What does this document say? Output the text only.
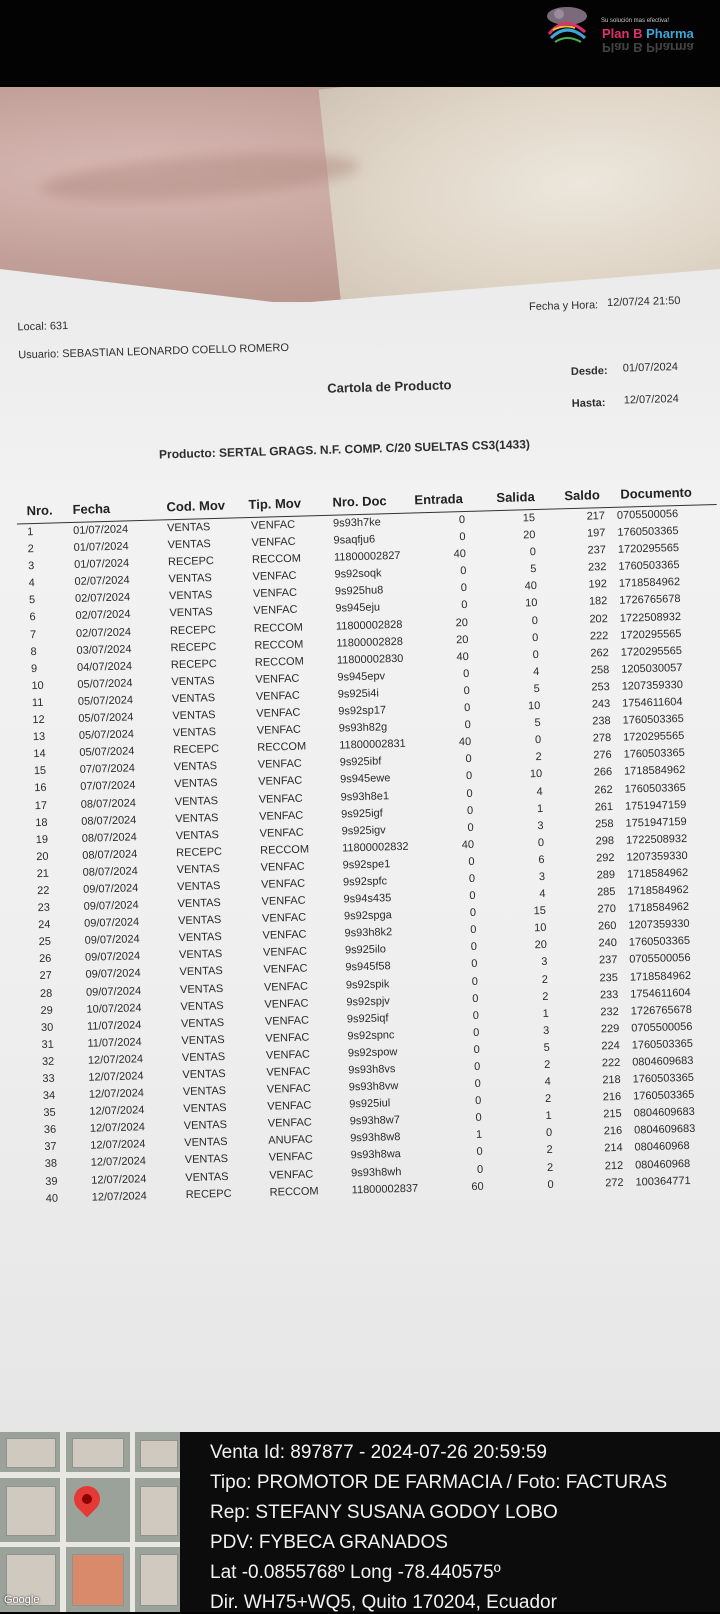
Su solución mas efectiva!
Plan B Pharma
Plan B Pharma
Local: 631
Fecha y Hora: 12/07/24 21:50
Usuario: SEBASTIAN LEONARDO COELLO ROMERO
Cartola de Producto
Desde: 01/07/2024
Hasta: 12/07/2024
Producto: SERTAL GRAGS. N.F. COMP. C/20 SUELTAS CS3(1433)
Nro. Fecha	Cod. Mov Tip. Mov Nro. Doc Entrada	Salida Saldo Documento
1	01/07/2024	VENTAS	VENFAC	9s93h7ke	0	15	217 0705500056
2	01/07/2024	VENTAS	VENFAC	9saqfju6	0	20	197 1760503365
3	01/07/2024	RECEPC	RECCOM	11800002827	40	0	237 1720295565
4	02/07/2024	VENTAS	VENFAC	9s92soqk	0	5	232 1760503365
5	02/07/2024	VENTAS	VENFAC	9s925hu8	0	40	192 1718584962
6	02/07/2024	VENTAS	VENFAC	9s945eju	0	10	182 1726765678
7	02/07/2024	RECEPC	RECCOM	11800002828	20	0	202 1722508932
8	03/07/2024	RECEPC	RECCOM	11800002828	20	0	222 1720295565
9	04/07/2024	RECEPC	RECCOM	11800002830	40	0	262 1720295565
10	05/07/2024	VENTAS	VENFAC	9s945epv	0	4	258 1205030057
11	05/07/2024	VENTAS	VENFAC	9s925i4i	0	5	253 1207359330
12	05/07/2024	VENTAS	VENFAC	9s92sp17	0	10	243 1754611604
13	05/07/2024	VENTAS	VENFAC	9s93h82g	0	5	238 1760503365
14	05/07/2024	RECEPC	RECCOM	11800002831	40	0	278 1720295565
15	07/07/2024	VENTAS	VENFAC	9s925ibf	0	2	276 1760503365
16	07/07/2024	VENTAS	VENFAC	9s945ewe	0	10	266 1718584962
17	08/07/2024	VENTAS	VENFAC	9s93h8e1	0	4	262 1760503365
18	08/07/2024	VENTAS	VENFAC	9s925igf	0	1	261 1751947159
19	08/07/2024	VENTAS	VENFAC	9s925igv	0	3	258 1751947159
20	08/07/2024	RECEPC	RECCOM	11800002832	40	0	298 1722508932
21	08/07/2024	VENTAS	VENFAC	9s92spe1	0	6	292 1207359330
22	09/07/2024	VENTAS	VENFAC	9s92spfc	0	3	289 1718584962
23	09/07/2024	VENTAS	VENFAC	9s94s435	0	4	285 1718584962
24	09/07/2024	VENTAS	VENFAC	9s92spga	0	15	270 1718584962
25	09/07/2024	VENTAS	VENFAC	9s93h8k2	0	10	260 1207359330
26	09/07/2024	VENTAS	VENFAC	9s925ilo	0	20	240 1760503365
27	09/07/2024	VENTAS	VENFAC	9s945f58	0	3	237 0705500056
28	09/07/2024	VENTAS	VENFAC	9s92spik	0	2	235 1718584962
29	10/07/2024	VENTAS	VENFAC	9s92spjv	0	2	233 1754611604
30	11/07/2024	VENTAS	VENFAC	9s925iqf	0	1	232 1726765678
31	11/07/2024	VENTAS	VENFAC	9s92spnc	0	3	229 0705500056
32	12/07/2024	VENTAS	VENFAC	9s92spow	0	5	224 1760503365
33	12/07/2024	VENTAS	VENFAC	9s93h8vs	0	2	222 0804609683
34	12/07/2024	VENTAS	VENFAC	9s93h8vw	0	4	218 1760503365
35	12/07/2024	VENTAS	VENFAC	9s925iul	0	2	216 1760503365
36	12/07/2024	VENTAS	VENFAC	9s93h8w7	0	1	215 0804609683
37	12/07/2024	VENTAS	ANUFAC	9s93h8w8	1	0	216 0804609683
38	12/07/2024	VENTAS	VENFAC	9s93h8wa	0	2	214 080460968
39	12/07/2024	VENTAS	VENFAC	9s93h8wh	0	2	212 080460968
40	12/07/2024	RECEPC	RECCOM	11800002837	60	0	272 100364771
Google
Venta Id: 897877 - 2024-07-26 20:59:59
Tipo: PROMOTOR DE FARMACIA / Foto: FACTURAS
Rep: STEFANY SUSANA GODOY LOBO
PDV: FYBECA GRANADOS
Lat -0.0855768º Long -78.440575º
Dir. WH75+WQ5, Quito 170204, Ecuador
